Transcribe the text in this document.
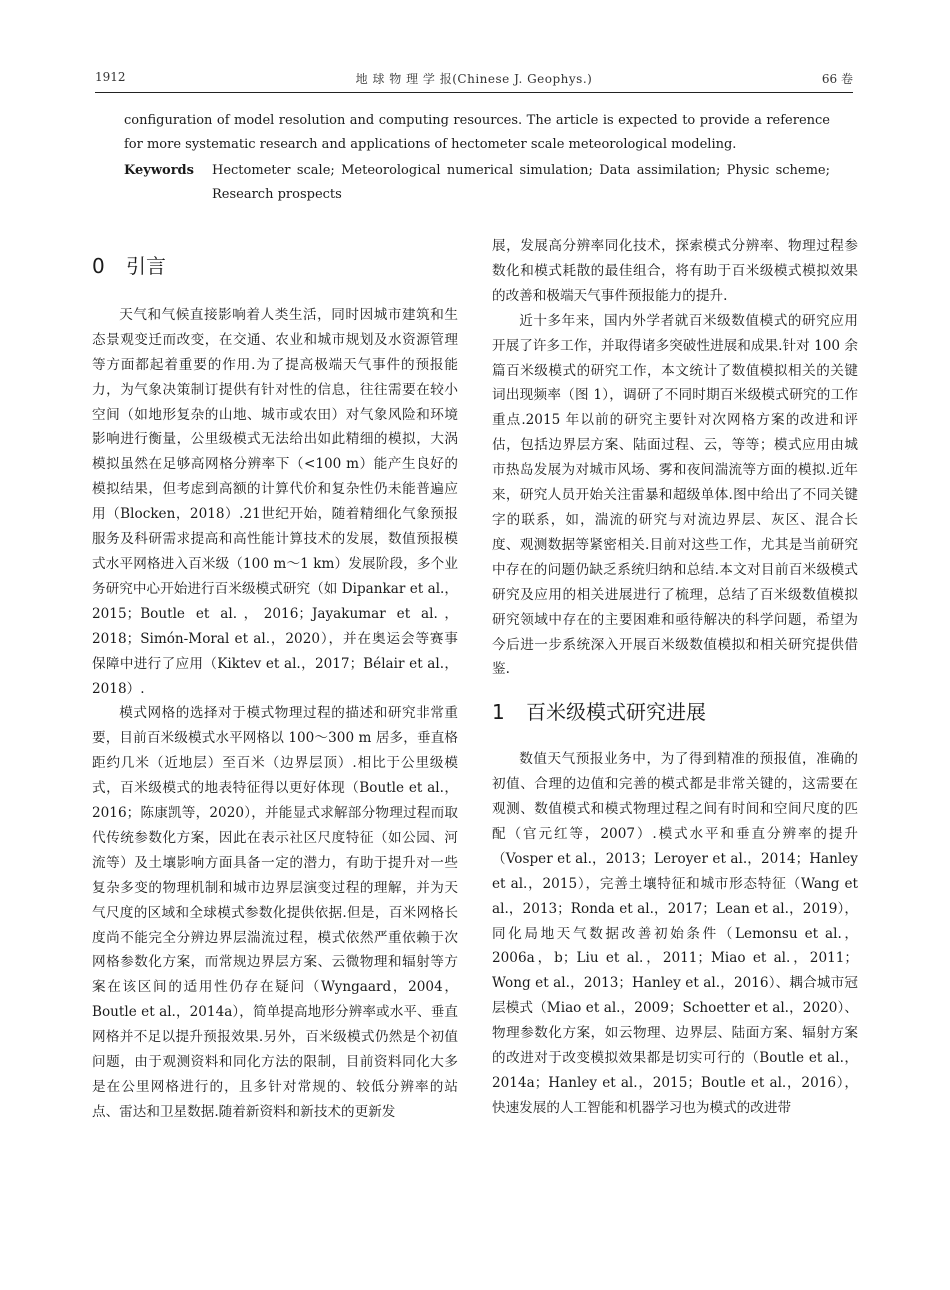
1912	地 球 物 理 学 报(Chinese J. Geophys.)	66 卷

configuration of model resolution and computing resources. The article is expected to provide a reference for more systematic research and applications of hectometer scale meteorological modeling.

Keywords	Hectometer scale; Meteorological numerical simulation; Data assimilation; Physic scheme; Research prospects
0	引言

天气和气候直接影响着人类生活，同时因城市建筑和生态景观变迁而改变，在交通、农业和城市规划及水资源管理等方面都起着重要的作用.为了提高极端天气事件的预报能力，为气象决策制订提供有针对性的信息，往往需要在较小空间（如地形复杂的山地、城市或农田）对气象风险和环境影响进行衡量，公里级模式无法给出如此精细的模拟，大涡模拟虽然在足够高网格分辨率下（<100 m）能产生良好的模拟结果，但考虑到高额的计算代价和复杂性仍未能普遍应用（Blocken，2018）.21世纪开始，随着精细化气象预报服务及科研需求提高和高性能计算技术的发展，数值预报模式水平网格进入百米级（100 m～1 km）发展阶段，多个业务研究中心开始进行百米级模式研究（如 Dipankar et al.，2015；Boutle et al.，2016；Jayakumar et al.，2018；Simón-Moral et al.，2020），并在奥运会等赛事保障中进行了应用（Kiktev et al.，2017；Bélair et al.，2018）.

模式网格的选择对于模式物理过程的描述和研究非常重要，目前百米级模式水平网格以 100～300 m 居多，垂直格距约几米（近地层）至百米（边界层顶）.相比于公里级模式，百米级模式的地表特征得以更好体现（Boutle et al.，2016；陈康凯等，2020），并能显式求解部分物理过程而取代传统参数化方案，因此在表示社区尺度特征（如公园、河流等）及土壤影响方面具备一定的潜力，有助于提升对一些复杂多变的物理机制和城市边界层演变过程的理解，并为天气尺度的区域和全球模式参数化提供依据.但是，百米网格长度尚不能完全分辨边界层湍流过程，模式依然严重依赖于次网格参数化方案，而常规边界层方案、云微物理和辐射等方案在该区间的适用性仍存在疑问（Wyngaard，2004，Boutle et al.，2014a），简单提高地形分辨率或水平、垂直网格并不足以提升预报效果.另外，百米级模式仍然是个初值问题，由于观测资料和同化方法的限制，目前资料同化大多是在公里网格进行的，且多针对常规的、较低分辨率的站点、雷达和卫星数据.随着新资料和新技术的更新发

展，发展高分辨率同化技术，探索模式分辨率、物理过程参数化和模式耗散的最佳组合，将有助于百米级模式模拟效果的改善和极端天气事件预报能力的提升.

近十多年来，国内外学者就百米级数值模式的研究应用开展了许多工作，并取得诸多突破性进展和成果.针对 100 余篇百米级模式的研究工作，本文统计了数值模拟相关的关键词出现频率（图 1），调研了不同时期百米级模式研究的工作重点.2015 年以前的研究主要针对次网格方案的改进和评估，包括边界层方案、陆面过程、云，等等；模式应用由城市热岛发展为对城市风场、雾和夜间湍流等方面的模拟.近年来，研究人员开始关注雷暴和超级单体.图中给出了不同关键字的联系，如，湍流的研究与对流边界层、灰区、混合长度、观测数据等紧密相关.目前对这些工作，尤其是当前研究中存在的问题仍缺乏系统归纳和总结.本文对目前百米级模式研究及应用的相关进展进行了梳理，总结了百米级数值模拟研究领域中存在的主要困难和亟待解决的科学问题，希望为今后进一步系统深入开展百米级数值模拟和相关研究提供借鉴.

1	百米级模式研究进展

数值天气预报业务中，为了得到精准的预报值，准确的初值、合理的边值和完善的模式都是非常关键的，这需要在观测、数值模式和模式物理过程之间有时间和空间尺度的匹配（官元红等，2007）.模式水平和垂直分辨率的提升（Vosper et al.，2013；Leroyer et al.，2014；Hanley et al.，2015），完善土壤特征和城市形态特征（Wang et al.，2013；Ronda et al.，2017；Lean et al.，2019），同化局地天气数据改善初始条件（Lemonsu et al.，2006a，b；Liu et al.，2011；Miao et al.，2011；Wong et al.，2013；Hanley et al.，2016）、耦合城市冠层模式（Miao et al.，2009；Schoetter et al.，2020）、物理参数化方案，如云物理、边界层、陆面方案、辐射方案的改进对于改变模拟效果都是切实可行的（Boutle et al.，2014a；Hanley et al.，2015；Boutle et al.，2016），快速发展的人工智能和机器学习也为模式的改进带
